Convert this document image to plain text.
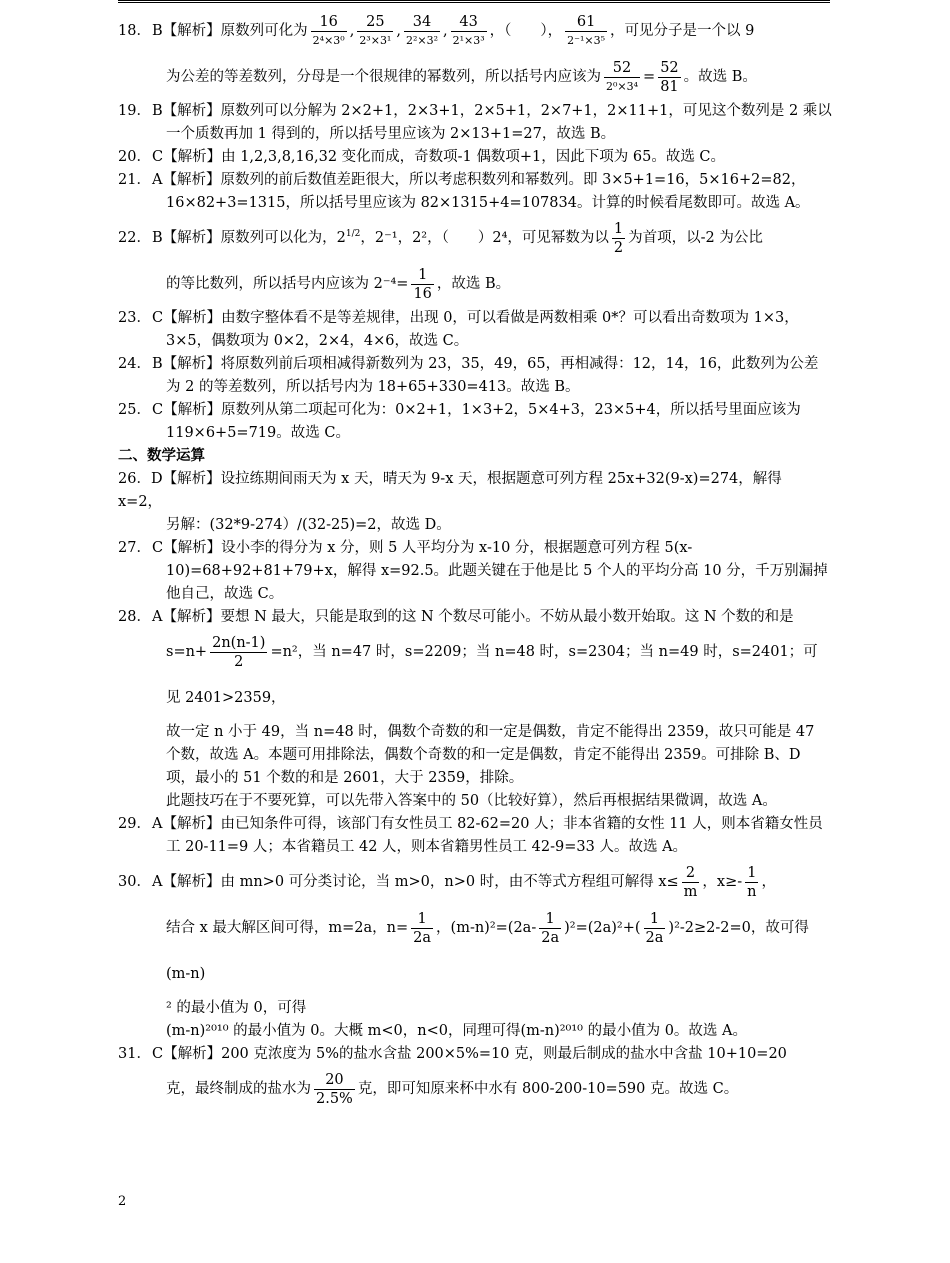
18．B【解析】原数列可化为 $\frac{16}{\text{2⁴×3⁰}}$ , $\frac{25}{\text{2³×3¹}}$ , $\frac{34}{\text{2²×3²}}$ , $\frac{43}{\text{2¹×3³}}$ ，（　　）， $\frac{61}{\text{2⁻¹×3⁵}}$ ，可见分子是一个以 9

为公差的等差数列，分母是一个很规律的幂数列，所以括号内应该为 $\frac{52}{\text{2⁰×3⁴}} = \frac{52}{81}$ 。故选 B。

19．B【解析】原数列可以分解为 2×2+1，2×3+1，2×5+1，2×7+1，2×11+1，可见这个数列是 2 乘以一个质数再加 1 得到的，所以括号里应该为 2×13+1=27，故选 B。

20．C【解析】由 1,2,3,8,16,32 变化而成，奇数项-1 偶数项+1，因此下项为 65。故选 C。

21．A【解析】原数列的前后数值差距很大，所以考虑积数列和幂数列。即 3×5+1=16，5×16+2=82，16×82+3=1315，所以括号里应该为 82×1315+4=107834。计算的时候看尾数即可。故选 A。

22．B【解析】原数列可以化为，$2^{1/2}$，2⁻¹，2²，（　　）2⁴，可见幂数为以 $\frac{1}{2}$ 为首项，以-2 为公比

的等比数列，所以括号内应该为 $2^{-4}= \frac{1}{16}$ ，故选 B。

23．C【解析】由数字整体看不是等差规律，出现 0，可以看做是两数相乘 0*？可以看出奇数项为 1×3，3×5，偶数项为 0×2，2×4，4×6，故选 C。

24．B【解析】将原数列前后项相减得新数列为 23，35，49，65，再相减得：12，14，16，此数列为公差为 2 的等差数列，所以括号内为 18+65+330=413。故选 B。

25．C【解析】原数列从第二项起可化为：0×2+1，1×3+2，5×4+3，23×5+4，所以括号里面应该为

119×6+5=719。故选 C。

二、数学运算

26．D【解析】设拉练期间雨天为 x 天，晴天为 9-x 天，根据题意可列方程 25x+32(9-x)=274，解得

x=2，

另解：(32*9-274）/(32-25)=2，故选 D。

27．C【解析】设小李的得分为 x 分，则 5 人平均分为 x-10 分，根据题意可列方程 5(x-10)=68+92+81+79+x，解得 x=92.5。此题关键在于他是比 5 个人的平均分高 10 分，千万别漏掉他自己，故选 C。

28．A【解析】要想 N 最大，只能是取到的这 N 个数尽可能小。不妨从最小数开始取。这 N 个数的和是

$s=n+ \frac{2n(n-1)}{2} =n^2$，当 n=47 时，s=2209；当 n=48 时，s=2304；当 n=49 时，s=2401；可见 2401>2359，

故一定 n 小于 49，当 n=48 时，偶数个奇数的和一定是偶数，肯定不能得出 2359，故只可能是 47 个数，故选 A。本题可用排除法，偶数个奇数的和一定是偶数，肯定不能得出 2359。可排除 B、D 项，最小的 51 个数的和是 2601，大于 2359，排除。

此题技巧在于不要死算，可以先带入答案中的 50（比较好算），然后再根据结果微调，故选 A。

29．A【解析】由已知条件可得，该部门有女性员工 82-62=20 人；非本省籍的女性 11 人，则本省籍女性员工 20-11=9 人；本省籍员工 42 人，则本省籍男性员工 42-9=33 人。故选 A。

30．A【解析】由 mn>0 可分类讨论，当 m>0，n>0 时，由不等式方程组可解得 $x\le \frac{2}{m}$ ，$x\ge- \frac{1}{n}$ ，

结合 x 最大解区间可得，m=2a，$n= \frac{1}{2a}$ ，$(m-n)^2=(2a- \frac{1}{2a} )^2=(2a)^2+( \frac{1}{2a} )^2-2\ge 2-2=0$，故可得(m-n)

² 的最小值为 0，可得

(m-n)²⁰¹⁰ 的最小值为 0。大概 m<0，n<0，同理可得(m-n)²⁰¹⁰ 的最小值为 0。故选 A。

31．C【解析】200 克浓度为 5%的盐水含盐 200×5%=10 克，则最后制成的盐水中含盐 10+10=20

克，最终制成的盐水为 $\frac{20}{2.5\%}$ 克，即可知原来杯中水有 800-200-10=590 克。故选 C。

2
